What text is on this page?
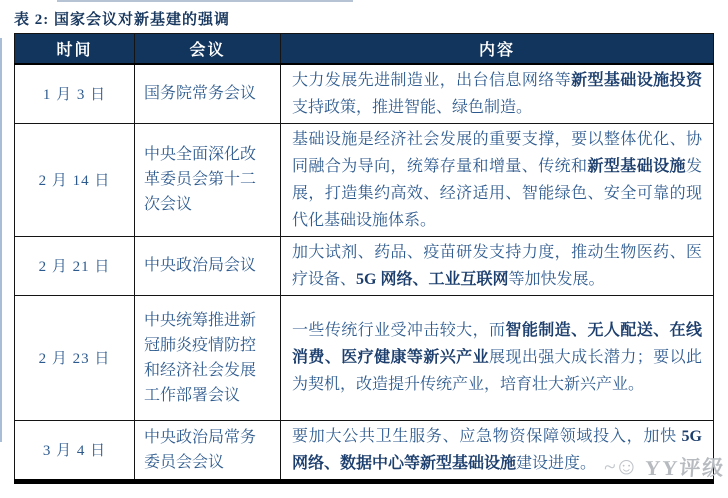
表 2: 国家会议对新基建的强调
时间	会议	内容
1 月 3 日	国务院常务会议	大力发展先进制造业，出台信息网络等新型基础设施投资支持政策，推进智能、绿色制造。
2 月 14 日	中央全面深化改革委员会第十二次会议	基础设施是经济社会发展的重要支撑，要以整体优化、协同融合为导向，统筹存量和增量、传统和新型基础设施发展，打造集约高效、经济适用、智能绿色、安全可靠的现代化基础设施体系。
2 月 21 日	中央政治局会议	加大试剂、药品、疫苗研发支持力度，推动生物医药、医疗设备、5G 网络、工业互联网等加快发展。
2 月 23 日	中央统筹推进新冠肺炎疫情防控和经济社会发展工作部署会议	一些传统行业受冲击较大，而智能制造、无人配送、在线消费、医疗健康等新兴产业展现出强大成长潜力；要以此为契机，改造提升传统产业，培育壮大新兴产业。
3 月 4 日	中央政治局常务委员会会议	要加大公共卫生服务、应急物资保障领域投入，加快 5G 网络、数据中心等新型基础设施建设进度。 ~
☺ YY评级
